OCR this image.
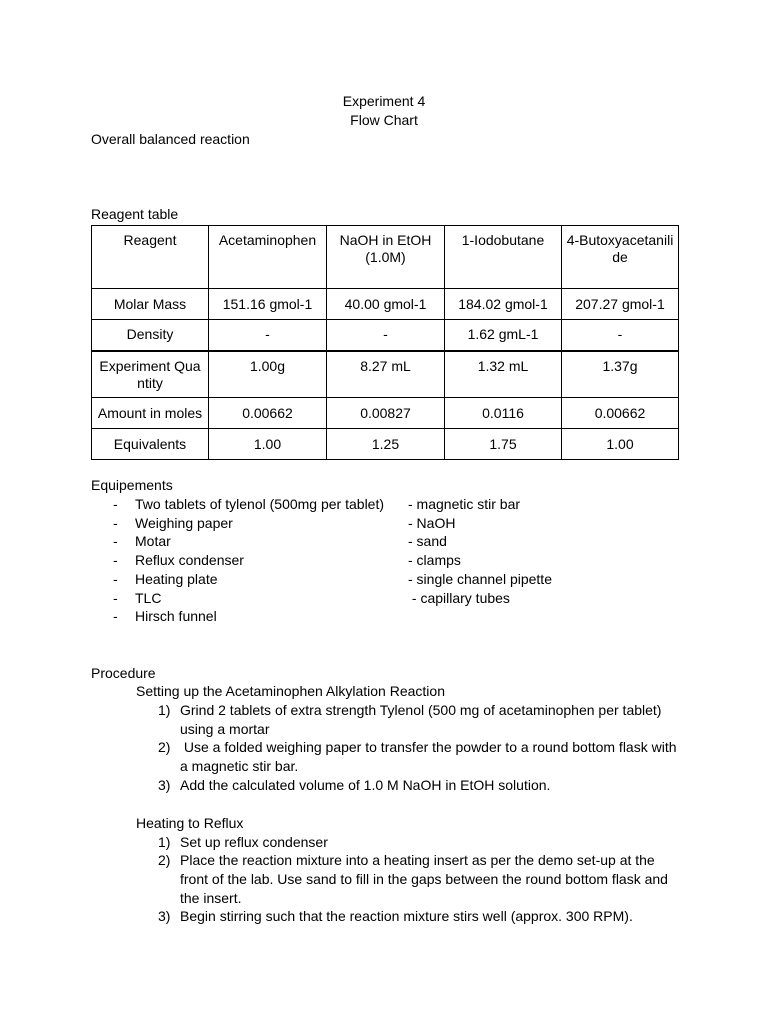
Experiment 4
Flow Chart
Overall balanced reaction
Reagent table
Reagent	Acetaminophen	NaOH in EtOH (1.0M)	1-Iodobutane	4-Butoxyacetanilide
Molar Mass	151.16 gmol-1	40.00 gmol-1	184.02 gmol-1	207.27 gmol-1
Density	-	-	1.62 gmL-1	-
Experiment Quantity	1.00g	8.27 mL	1.32 mL	1.37g
Amount in moles	0.00662	0.00827	0.0116	0.00662
Equivalents	1.00	1.25	1.75	1.00
Equipements
- Two tablets of tylenol (500mg per tablet) - magnetic stir bar
- Weighing paper	- NaOH
- Motar	- sand
- Reflux condenser	- clamps
- Heating plate	- single channel pipette
- TLC	- capillary tubes
- Hirsch funnel
Procedure
Setting up the Acetaminophen Alkylation Reaction
1) Grind 2 tablets of extra strength Tylenol (500 mg of acetaminophen per tablet)
using a mortar
2) Use a folded weighing paper to transfer the powder to a round bottom flask with
a magnetic stir bar.
3) Add the calculated volume of 1.0 M NaOH in EtOH solution.
Heating to Reflux
1) Set up reflux condenser
2) Place the reaction mixture into a heating insert as per the demo set-up at the
front of the lab. Use sand to fill in the gaps between the round bottom flask and
the insert.
3) Begin stirring such that the reaction mixture stirs well (approx. 300 RPM).
